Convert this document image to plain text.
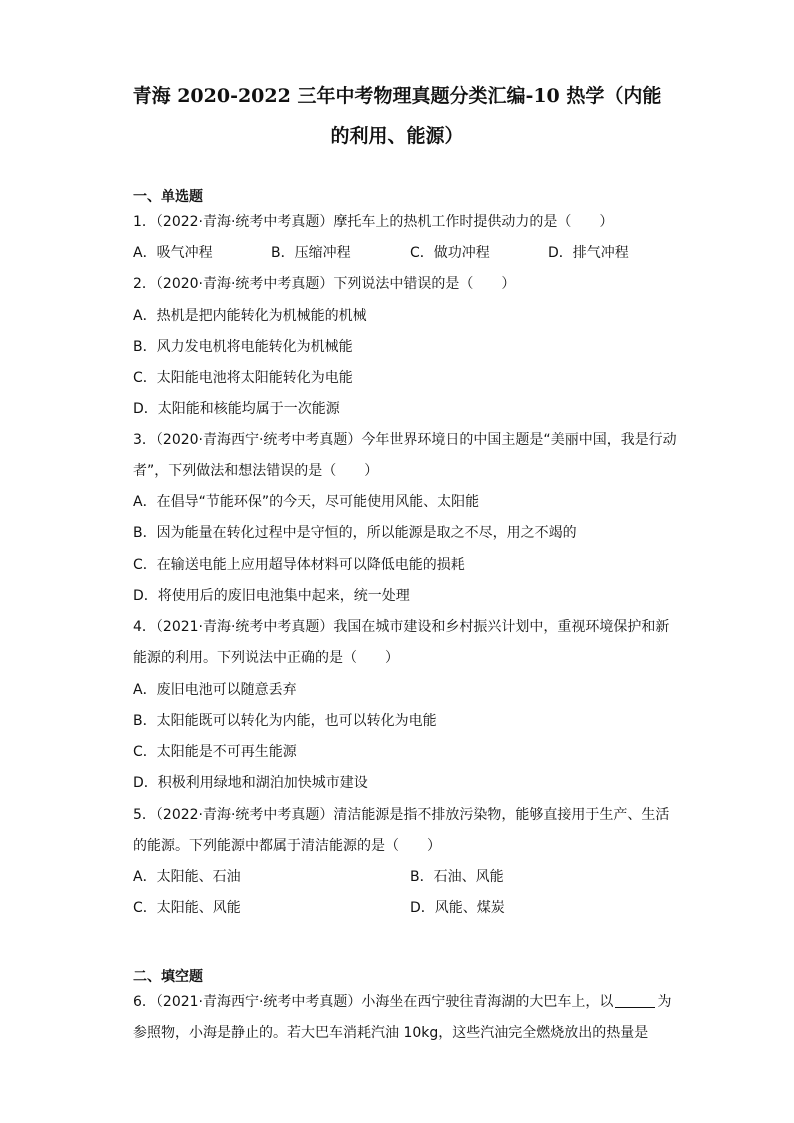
青海 2020-2022 三年中考物理真题分类汇编-10 热学（内能
的利用、能源）
一、单选题
1．（2022·青海·统考中考真题）摩托车上的热机工作时提供动力的是（　　）
A．吸气冲程	B．压缩冲程	C．做功冲程	D．排气冲程
2．（2020·青海·统考中考真题）下列说法中错误的是（　　）
A．热机是把内能转化为机械能的机械
B．风力发电机将电能转化为机械能
C．太阳能电池将太阳能转化为电能
D．太阳能和核能均属于一次能源
3．（2020·青海西宁·统考中考真题）今年世界环境日的中国主题是“美丽中国，我是行动
者”，下列做法和想法错误的是（　　）
A．在倡导“节能环保”的今天，尽可能使用风能、太阳能
B．因为能量在转化过程中是守恒的，所以能源是取之不尽，用之不竭的
C．在输送电能上应用超导体材料可以降低电能的损耗
D．将使用后的废旧电池集中起来，统一处理
4．（2021·青海·统考中考真题）我国在城市建设和乡村振兴计划中，重视环境保护和新
能源的利用。下列说法中正确的是（　　）
A．废旧电池可以随意丢弃
B．太阳能既可以转化为内能，也可以转化为电能
C．太阳能是不可再生能源
D．积极利用绿地和湖泊加快城市建设
5．（2022·青海·统考中考真题）清洁能源是指不排放污染物，能够直接用于生产、生活
的能源。下列能源中都属于清洁能源的是（　　）
A．太阳能、石油	B．石油、风能
C．太阳能、风能	D．风能、煤炭
二、填空题
6．（2021·青海西宁·统考中考真题）小海坐在西宁驶往青海湖的大巴车上，以	为
参照物，小海是静止的。若大巴车消耗汽油 10kg，这些汽油完全燃烧放出的热量是
